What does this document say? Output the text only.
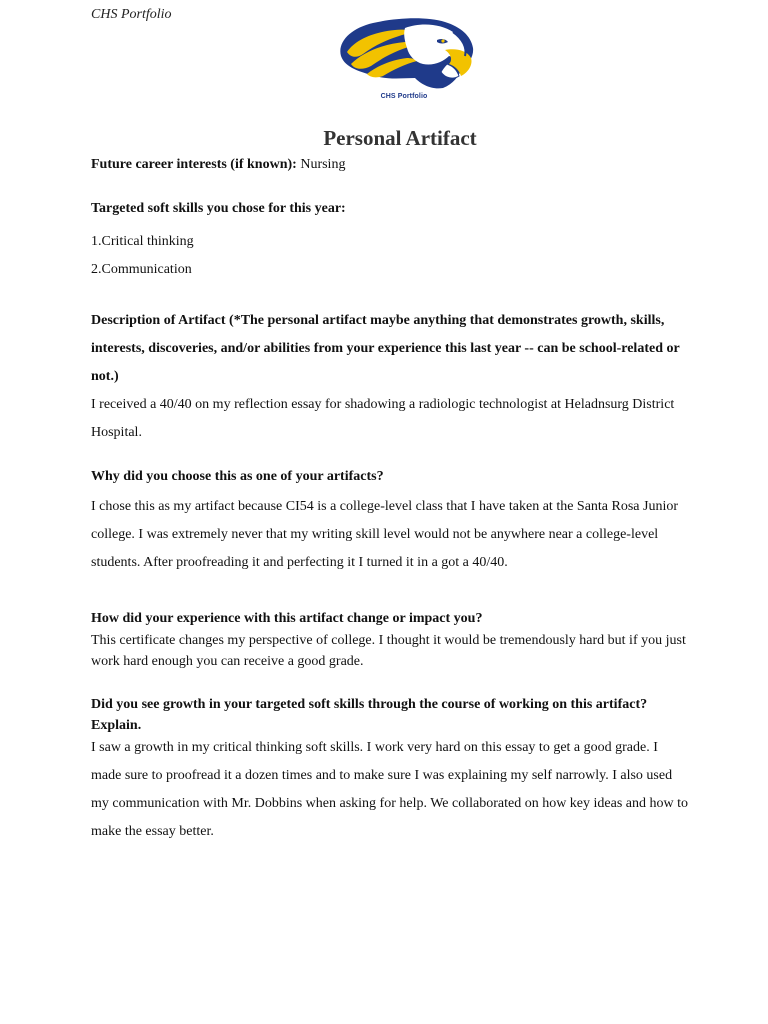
CHS Portfolio
CHS Portfolio
Personal Artifact
Future career interests (if known): Nursing
Targeted soft skills you chose for this year:
1.Critical thinking
2.Communication
Description of Artifact (*The personal artifact maybe anything that demonstrates growth, skills, interests, discoveries, and/or abilities from your experience this last year -- can be school-related or not.)
I received a 40/40 on my reflection essay for shadowing a radiologic technologist at Heladnsurg District Hospital.
Why did you choose this as one of your artifacts?
I chose this as my artifact because CI54 is a college-level class that I have taken at the Santa Rosa Junior college. I was extremely never that my writing skill level would not be anywhere near a college-level students. After proofreading it and perfecting it I turned it in a got a 40/40.
How did your experience with this artifact change or impact you?
This certificate changes my perspective of college. I thought it would be tremendously hard but if you just work hard enough you can receive a good grade.
Did you see growth in your targeted soft skills through the course of working on this artifact? Explain.
I saw a growth in my critical thinking soft skills. I work very hard on this essay to get a good grade. I made sure to proofread it a dozen times and to make sure I was explaining my self narrowly. I also used my communication with Mr. Dobbins when asking for help. We collaborated on how key ideas and how to make the essay better.
